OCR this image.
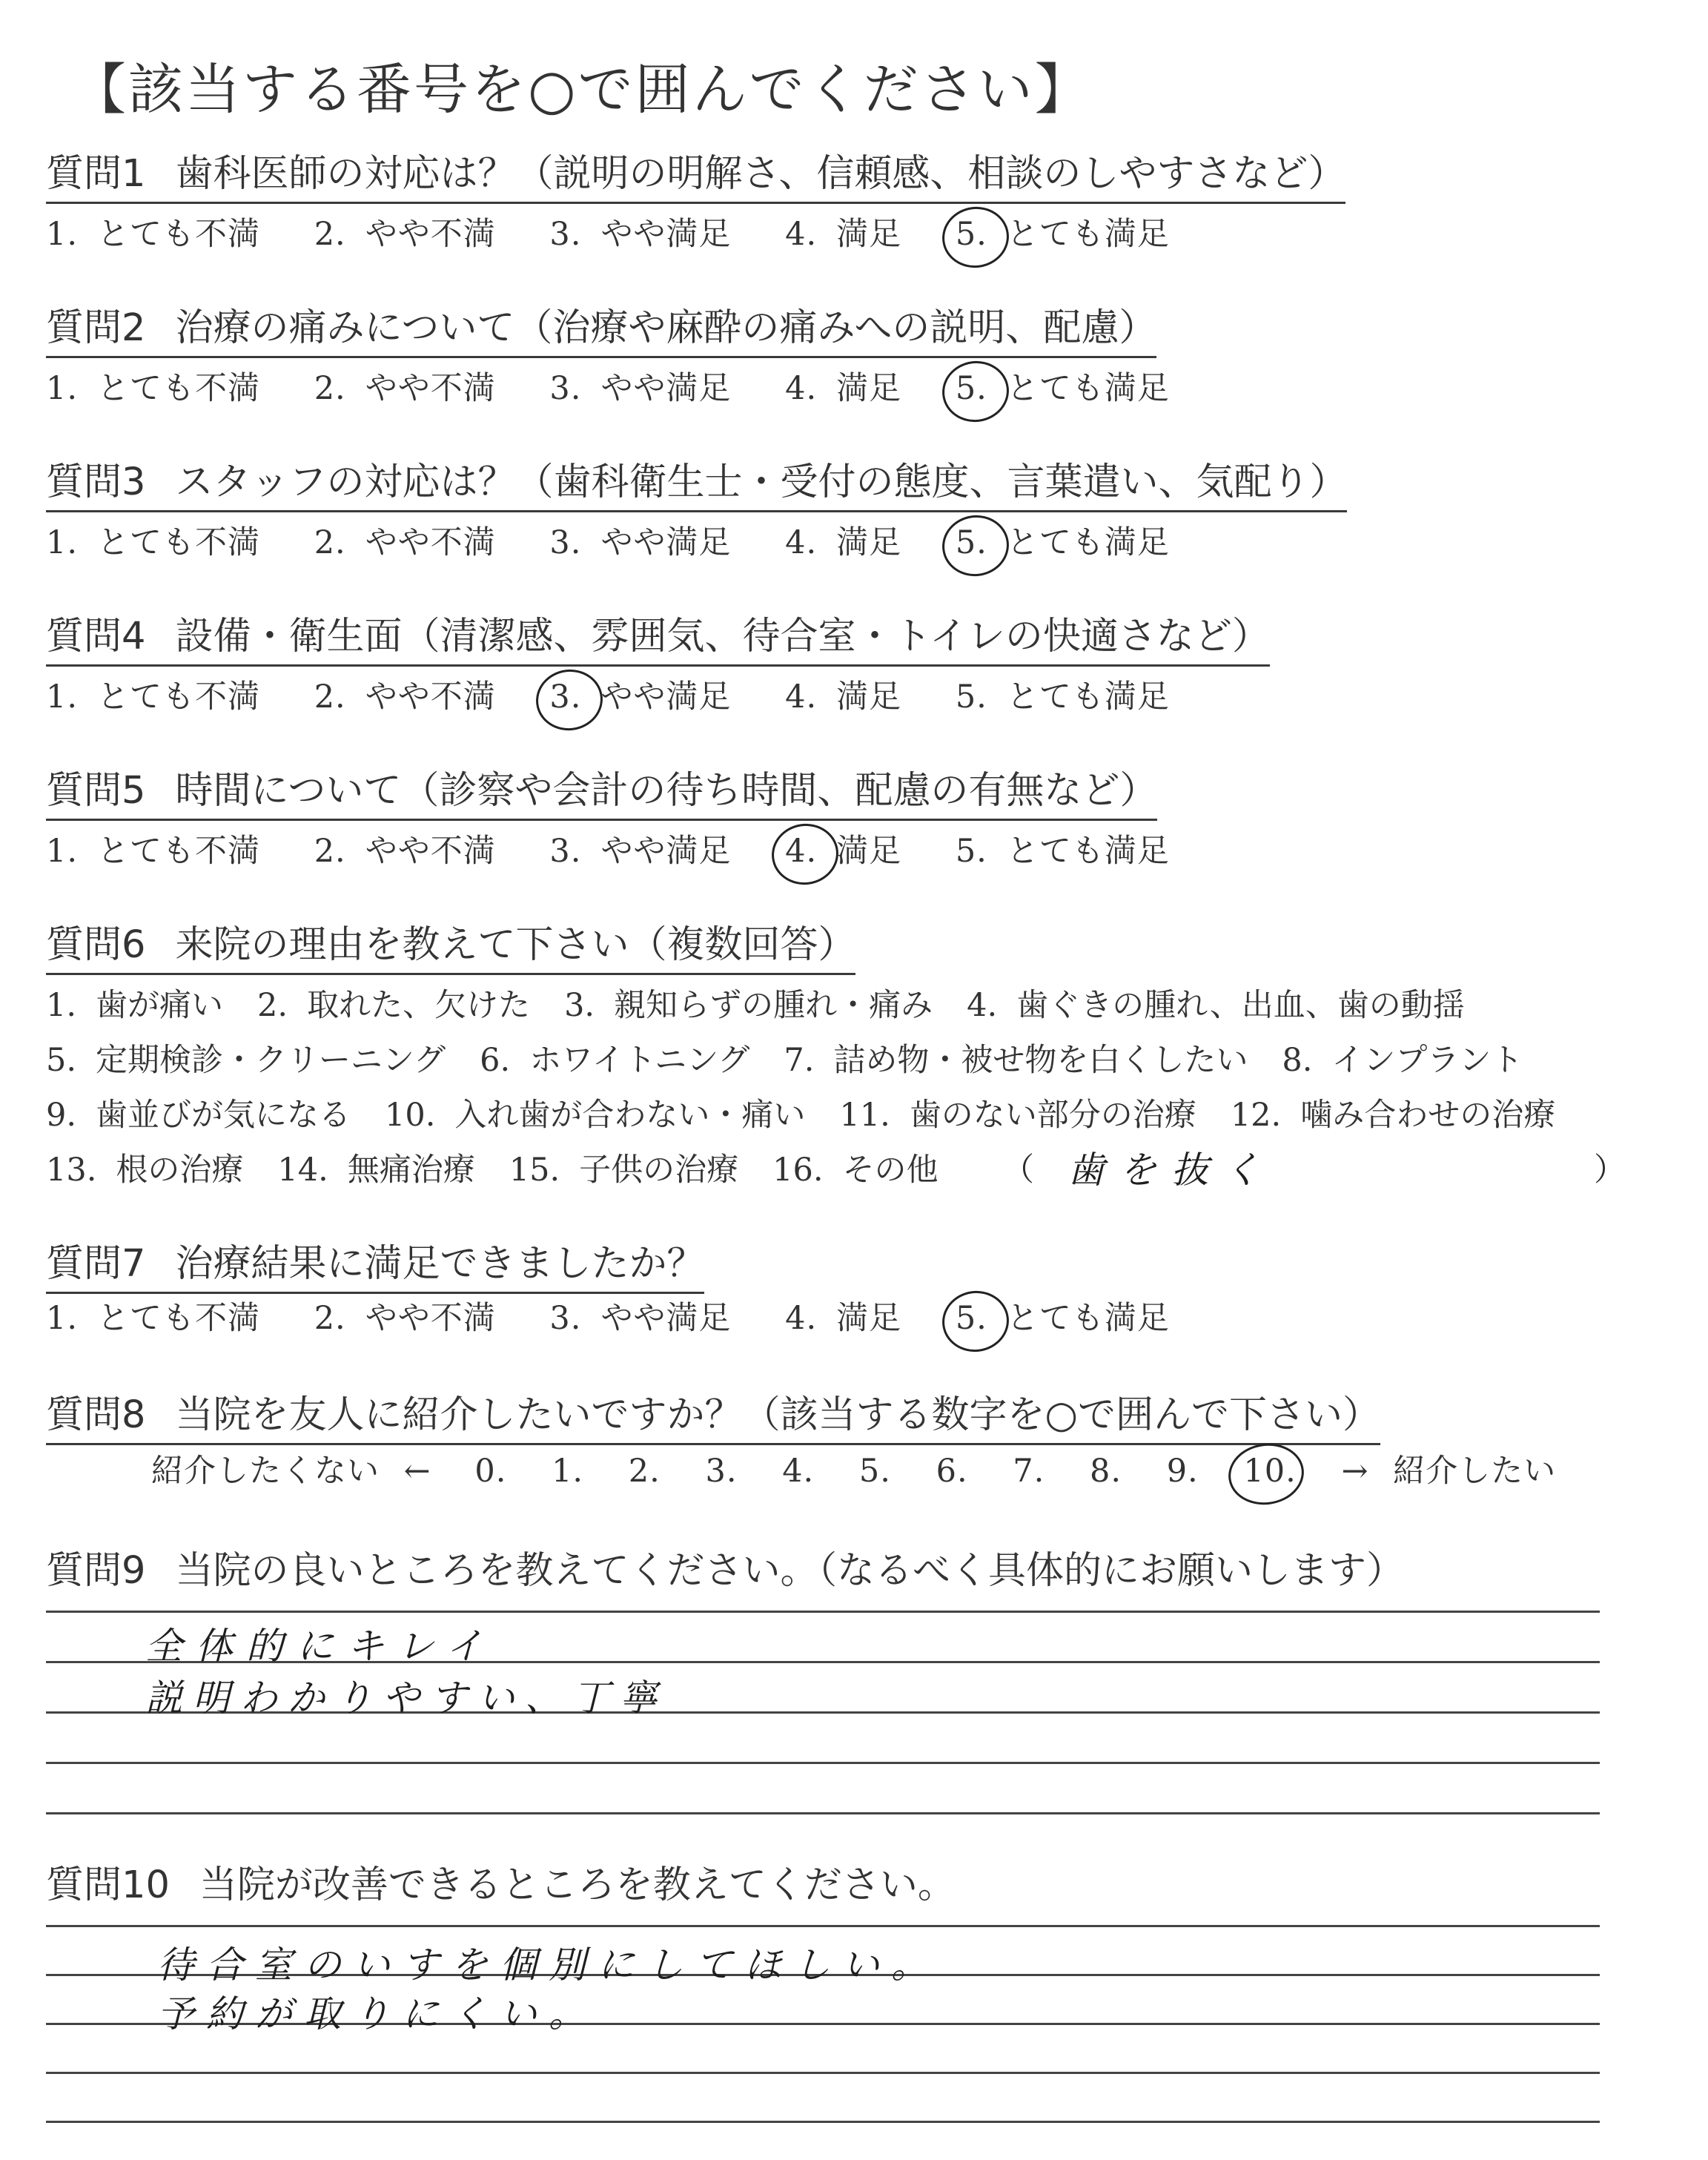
【該当する番号を○で囲んでください】
質問1 歯科医師の対応は？（説明の明解さ、信頼感、相談のしやすさなど）
1. とても不満 2. やや不満 3. やや満足 4. 満足 5. とても満足
質問2 治療の痛みについて（治療や麻酔の痛みへの説明、配慮）
1. とても不満 2. やや不満 3. やや満足 4. 満足 5. とても満足
質問3 スタッフの対応は？（歯科衛生士・受付の態度、言葉遣い、気配り）
1. とても不満 2. やや不満 3. やや満足 4. 満足 5. とても満足
質問4 設備・衛生面（清潔感、雰囲気、待合室・トイレの快適さなど）
1. とても不満 2. やや不満 3. やや満足 4. 満足 5. とても満足
質問5 時間について（診察や会計の待ち時間、配慮の有無など）
1. とても不満 2. やや不満 3. やや満足 4. 満足 5. とても満足
質問6 来院の理由を教えて下さい（複数回答）
1. 歯が痛い 2. 取れた、欠けた 3. 親知らずの腫れ・痛み 4. 歯ぐきの腫れ、出血、歯の動揺
5. 定期検診・クリーニング 6. ホワイトニング 7. 詰め物・被せ物を白くしたい 8. インプラント
9. 歯並びが気になる 10. 入れ歯が合わない・痛い 11. 歯のない部分の治療 12. 噛み合わせの治療
13. 根の治療 14. 無痛治療 15. 子供の治療 16. その他 （ 歯を抜く	）
質問7 治療結果に満足できましたか？
1. とても不満 2. やや不満 3. やや満足 4. 満足 5. とても満足
質問8 当院を友人に紹介したいですか？（該当する数字を○で囲んで下さい）
紹介したくない ← 0. 1. 2. 3. 4. 5. 6. 7. 8. 9. 10. → 紹介したい
質問9 当院の良いところを教えてください。（なるべく具体的にお願いします）
全体的にキレイ
説明わかりやすい、丁寧
質問10 当院が改善できるところを教えてください。
待合室のいすを個別にしてほしい。
予約が取りにくい。
